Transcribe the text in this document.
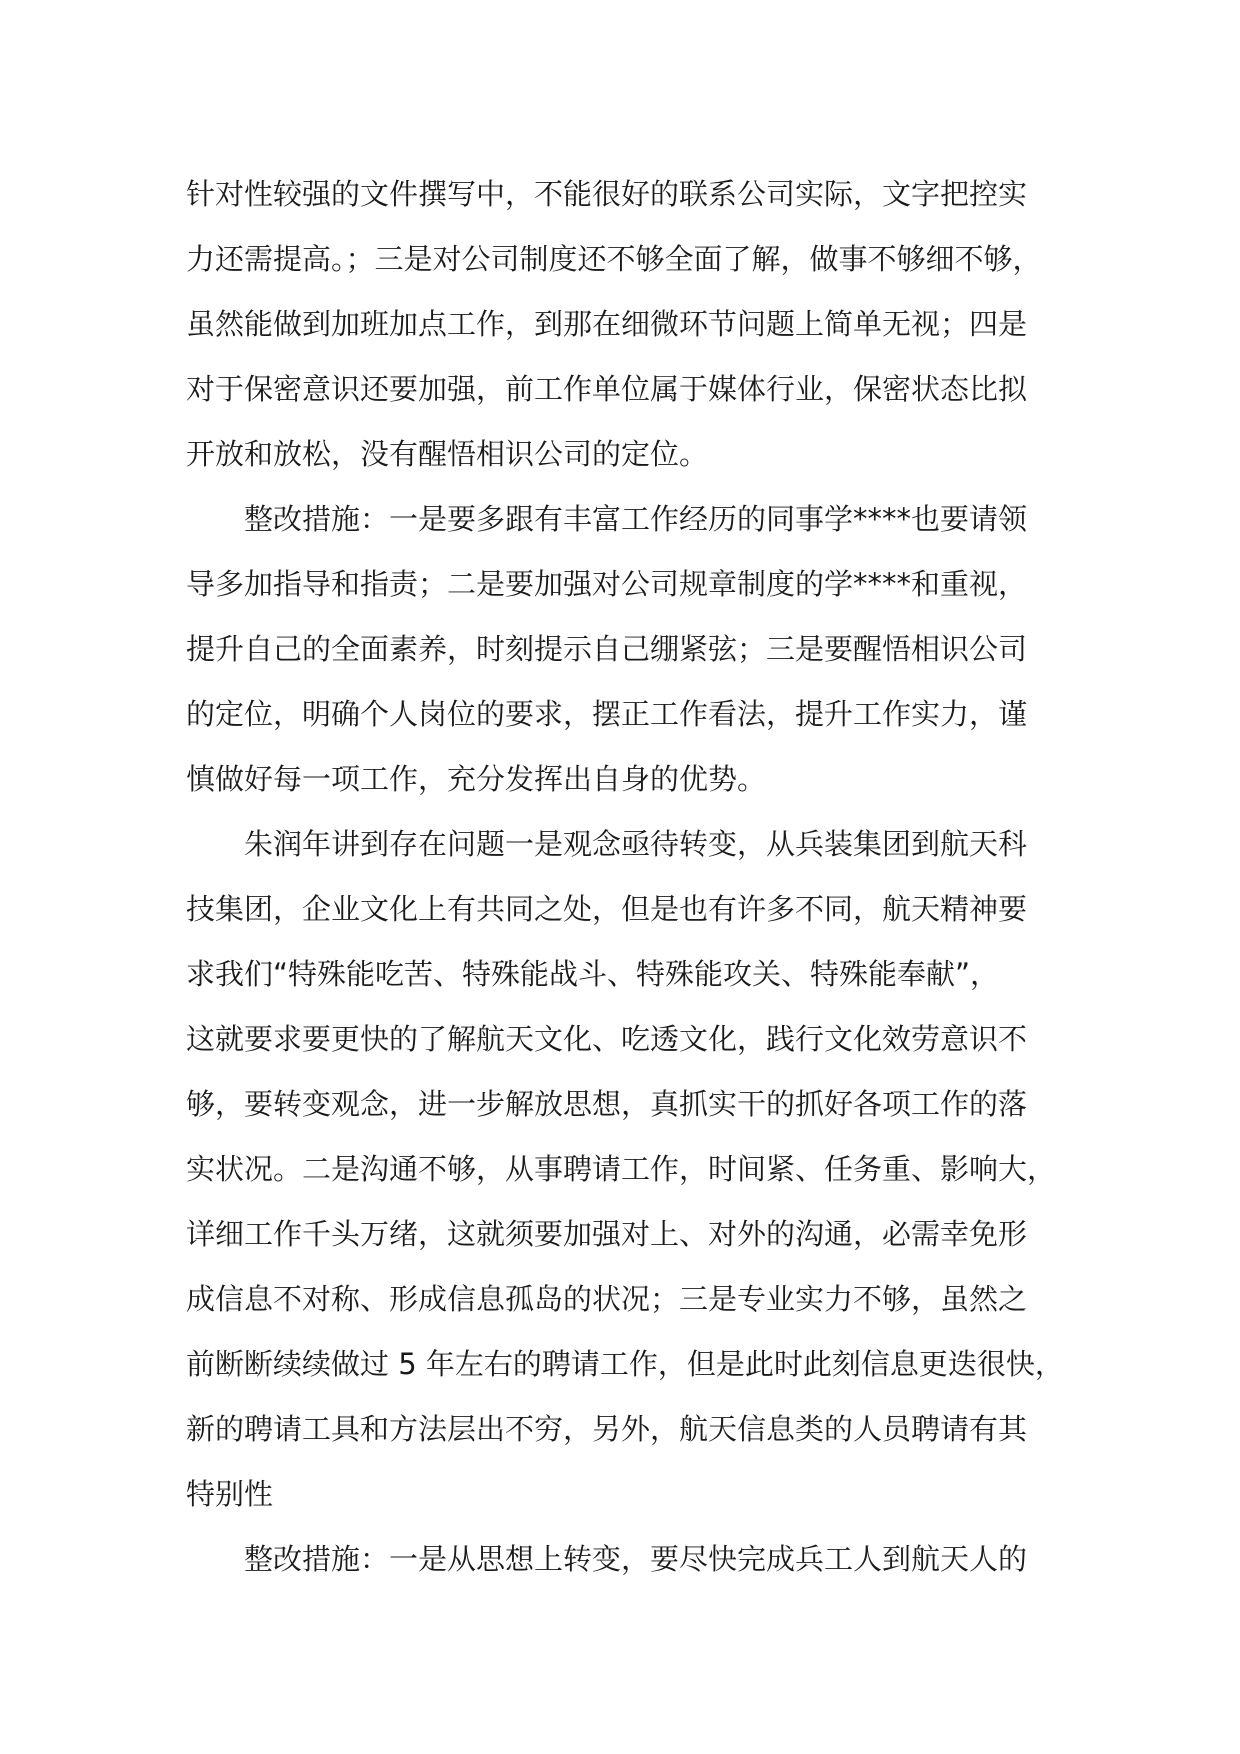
针对性较强的文件撰写中，不能很好的联系公司实际，文字把控实
力还需提高。；三是对公司制度还不够全面了解，做事不够细不够，
虽然能做到加班加点工作，到那在细微环节问题上简单无视；四是
对于保密意识还要加强，前工作单位属于媒体行业，保密状态比拟
开放和放松，没有醒悟相识公司的定位。
整改措施：一是要多跟有丰富工作经历的同事学****也要请领
导多加指导和指责；二是要加强对公司规章制度的学****和重视，
提升自己的全面素养，时刻提示自己绷紧弦；三是要醒悟相识公司
的定位，明确个人岗位的要求，摆正工作看法，提升工作实力，谨
慎做好每一项工作，充分发挥出自身的优势。
朱润年讲到存在问题一是观念亟待转变，从兵装集团到航天科
技集团，企业文化上有共同之处，但是也有许多不同，航天精神要
求我们“特殊能吃苦、特殊能战斗、特殊能攻关、特殊能奉献”，
这就要求要更快的了解航天文化、吃透文化，践行文化效劳意识不
够，要转变观念，进一步解放思想，真抓实干的抓好各项工作的落
实状况。二是沟通不够，从事聘请工作，时间紧、任务重、影响大，
详细工作千头万绪，这就须要加强对上、对外的沟通，必需幸免形
成信息不对称、形成信息孤岛的状况；三是专业实力不够，虽然之
前断断续续做过 5 年左右的聘请工作，但是此时此刻信息更迭很快，
新的聘请工具和方法层出不穷，另外，航天信息类的人员聘请有其
特别性
整改措施：一是从思想上转变，要尽快完成兵工人到航天人的
